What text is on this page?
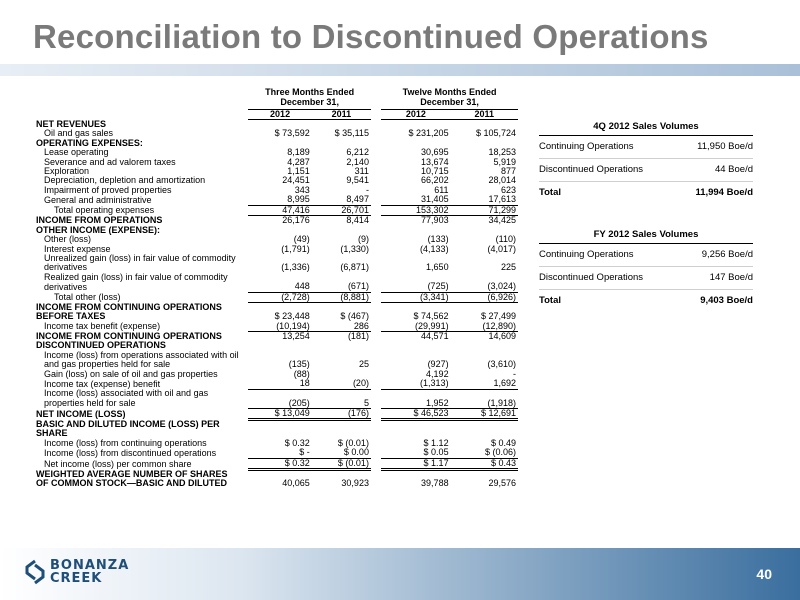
Reconciliation to Discontinued Operations
	Three Months Ended			Twelve Months Ended	
	December 31,			December 31,	
	2012	2011		2012	2011
NET REVENUES					
Oil and gas sales	$ 73,592	$ 35,115		$ 231,205	$ 105,724
OPERATING EXPENSES:					
Lease operating	8,189	6,212		30,695	18,253
Severance and ad valorem taxes	4,287	2,140		13,674	5,919
Exploration	1,151	311		10,715	877
Depreciation, depletion and amortization	24,451	9,541		66,202	28,014
Impairment of proved properties	343	-		611	623
General and administrative	8,995	8,497		31,405	17,613
Total operating expenses	47,416	26,701		153,302	71,299
INCOME FROM OPERATIONS	26,176	8,414		77,903	34,425
OTHER INCOME (EXPENSE):					
Other (loss)	(49)	(9)		(133)	(110)
Interest expense	(1,791)	(1,330)		(4,133)	(4,017)
Unrealized gain (loss) in fair value of commodity					
derivatives	(1,336)	(6,871)		1,650	225
Realized gain (loss) in fair value of commodity					
derivatives	448	(671)		(725)	(3,024)
Total other (loss)	(2,728)	(8,881)		(3,341)	(6,926)
INCOME FROM CONTINUING OPERATIONS					
BEFORE TAXES	$ 23,448	$ (467)		$ 74,562	$ 27,499
Income tax benefit (expense)	(10,194)	286		(29,991)	(12,890)
INCOME FROM CONTINUING OPERATIONS	13,254	(181)		44,571	14,609
DISCONTINUED OPERATIONS					
Income (loss) from operations associated with oil					
and gas properties held for sale	(135)	25		(927)	(3,610)
Gain (loss) on sale of oil and gas properties	(88)			4,192	-
Income tax (expense) benefit	18	(20)		(1,313)	1,692
Income (loss) associated with oil and gas					
properties held for sale	(205)	5		1,952	(1,918)
NET INCOME (LOSS)	$ 13,049	(176)		$ 46,523	$ 12,691
BASIC AND DILUTED INCOME (LOSS) PER					
SHARE					
Income (loss) from continuing operations	$ 0.32	$ (0.01)		$ 1.12	$ 0.49
Income (loss) from discontinued operations	$ -	$ 0.00		$ 0.05	$ (0.06)
Net income (loss) per common share	$ 0.32	$ (0.01)		$ 1.17	$ 0.43
WEIGHTED AVERAGE NUMBER OF SHARES					
OF COMMON STOCK—BASIC AND DILUTED	40,065	30,923		39,788	29,576
4Q 2012 Sales Volumes	
Continuing Operations	11,950 Boe/d
Discontinued Operations	44 Boe/d
Total	11,994 Boe/d
FY 2012 Sales Volumes	
Continuing Operations	9,256 Boe/d
Discontinued Operations	147 Boe/d
Total	9,403 Boe/d
BONANZA
CREEK	40
